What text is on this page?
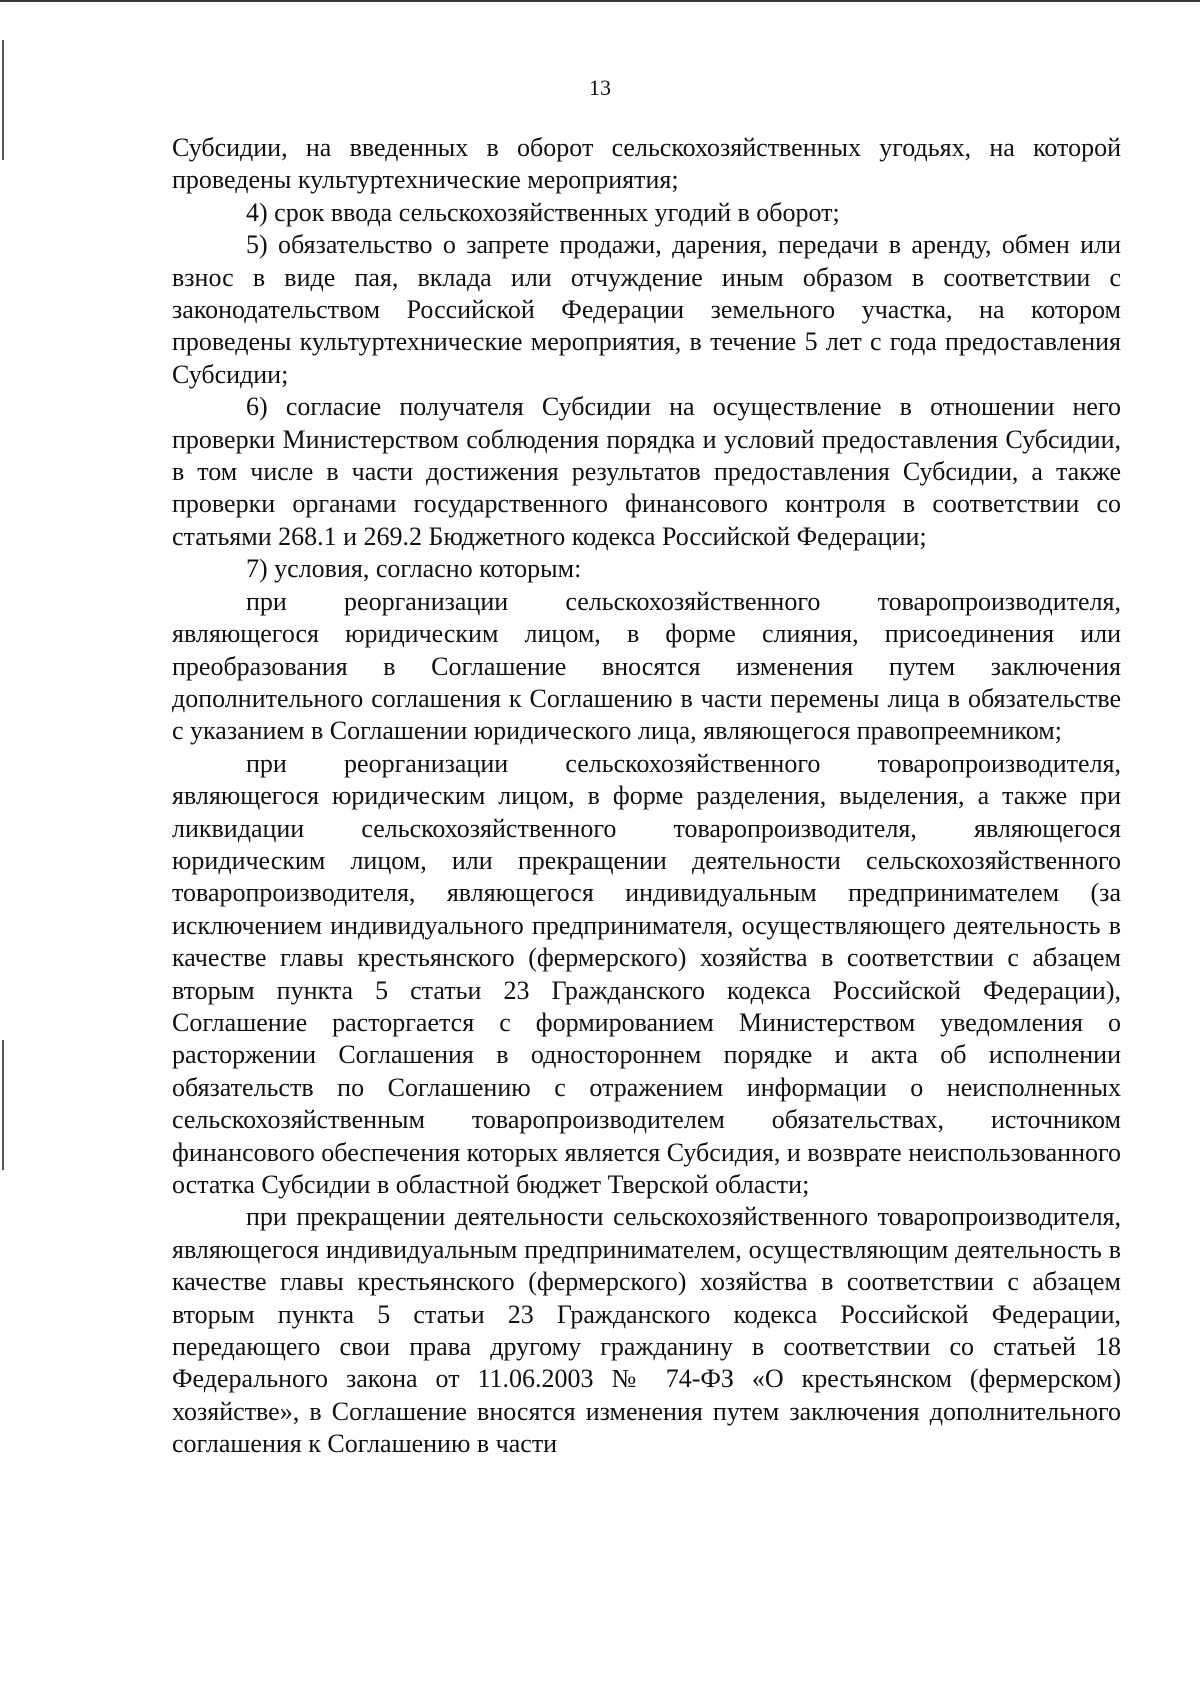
13

Субсидии, на введенных в оборот сельскохозяйственных угодьях, на которой проведены культуртехнические мероприятия;

4) срок ввода сельскохозяйственных угодий в оборот;

5) обязательство о запрете продажи, дарения, передачи в аренду, обмен или взнос в виде пая, вклада или отчуждение иным образом в соответствии с законодательством Российской Федерации земельного участка, на котором проведены культуртехнические мероприятия, в течение 5 лет с года предоставления Субсидии;

6) согласие получателя Субсидии на осуществление в отношении него проверки Министерством соблюдения порядка и условий предоставления Субсидии, в том числе в части достижения результатов предоставления Субсидии, а также проверки органами государственного финансового контроля в соответствии со статьями 268.1 и 269.2 Бюджетного кодекса Российской Федерации;

7) условия, согласно которым:

при реорганизации сельскохозяйственного товаропроизводителя, являющегося юридическим лицом, в форме слияния, присоединения или преобразования в Соглашение вносятся изменения путем заключения дополнительного соглашения к Соглашению в части перемены лица в обязательстве с указанием в Соглашении юридического лица, являющегося правопреемником;

при реорганизации сельскохозяйственного товаропроизводителя, являющегося юридическим лицом, в форме разделения, выделения, а также при ликвидации сельскохозяйственного товаропроизводителя, являющегося юридическим лицом, или прекращении деятельности сельскохозяйственного товаропроизводителя, являющегося индивидуальным предпринимателем (за исключением индивидуального предпринимателя, осуществляющего деятельность в качестве главы крестьянского (фермерского) хозяйства в соответствии с абзацем вторым пункта 5 статьи 23 Гражданского кодекса Российской Федерации), Соглашение расторгается с формированием Министерством уведомления о расторжении Соглашения в одностороннем порядке и акта об исполнении обязательств по Соглашению с отражением информации о неисполненных сельскохозяйственным товаропроизводителем обязательствах, источником финансового обеспечения которых является Субсидия, и возврате неиспользованного остатка Субсидии в областной бюджет Тверской области;

при прекращении деятельности сельскохозяйственного товаропроизводителя, являющегося индивидуальным предпринимателем, осуществляющим деятельность в качестве главы крестьянского (фермерского) хозяйства в соответствии с абзацем вторым пункта 5 статьи 23 Гражданского кодекса Российской Федерации, передающего свои права другому гражданину в соответствии со статьей 18 Федерального закона от 11.06.2003 № 74-ФЗ «О крестьянском (фермерском) хозяйстве», в Соглашение вносятся изменения путем заключения дополнительного соглашения к Соглашению в части
